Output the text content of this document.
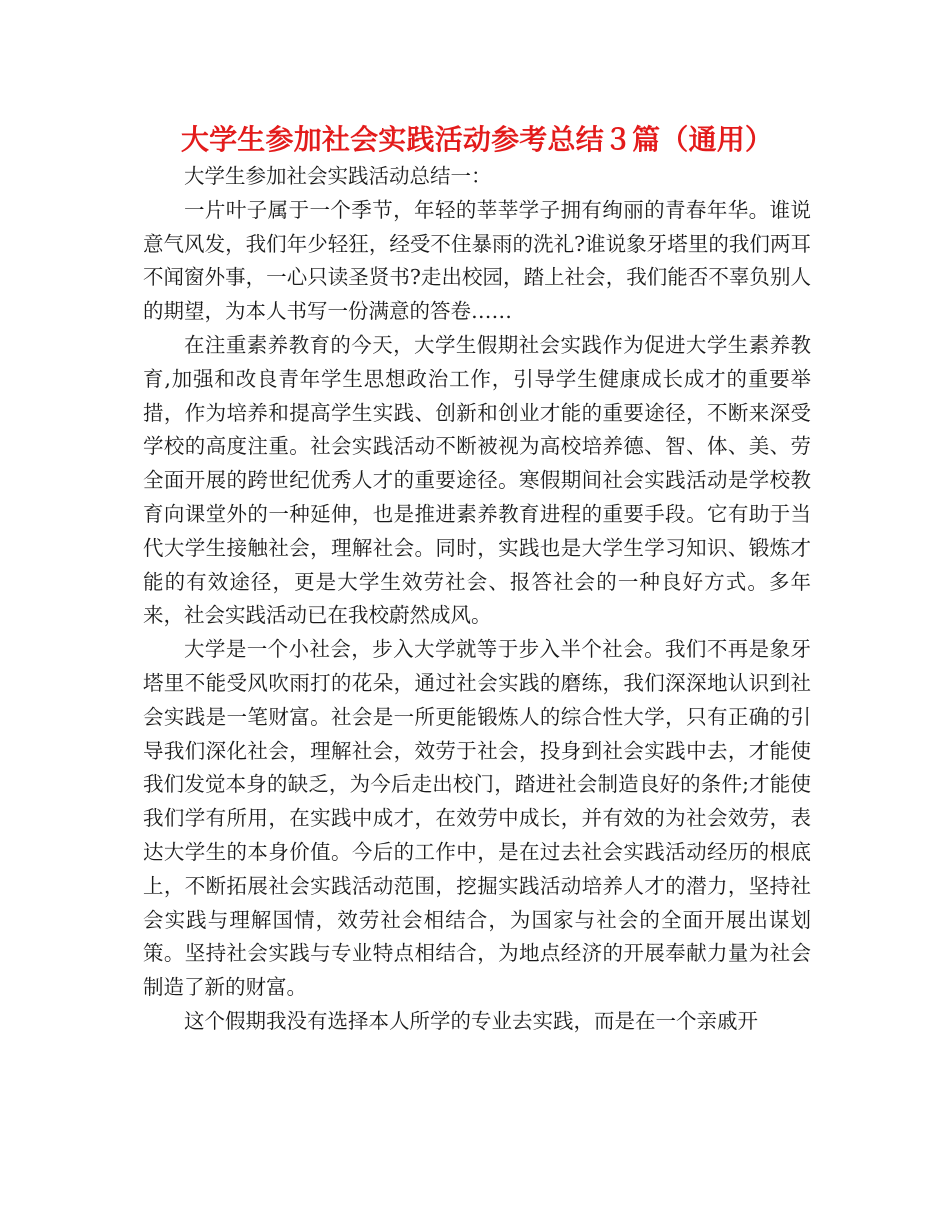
大学生参加社会实践活动参考总结３篇（通用）

大学生参加社会实践活动总结一：

一片叶子属于一个季节，年轻的莘莘学子拥有绚丽的青春年华。谁说意气风发，我们年少轻狂，经受不住暴雨的洗礼?谁说象牙塔里的我们两耳不闻窗外事，一心只读圣贤书?走出校园，踏上社会，我们能否不辜负别人的期望，为本人书写一份满意的答卷……

在注重素养教育的今天，大学生假期社会实践作为促进大学生素养教育,加强和改良青年学生思想政治工作，引导学生健康成长成才的重要举措，作为培养和提高学生实践、创新和创业才能的重要途径，不断来深受学校的高度注重。社会实践活动不断被视为高校培养德、智、体、美、劳全面开展的跨世纪优秀人才的重要途径。寒假期间社会实践活动是学校教育向课堂外的一种延伸，也是推进素养教育进程的重要手段。它有助于当代大学生接触社会，理解社会。同时，实践也是大学生学习知识、锻炼才能的有效途径，更是大学生效劳社会、报答社会的一种良好方式。多年来，社会实践活动已在我校蔚然成风。

大学是一个小社会，步入大学就等于步入半个社会。我们不再是象牙塔里不能受风吹雨打的花朵，通过社会实践的磨练，我们深深地认识到社会实践是一笔财富。社会是一所更能锻炼人的综合性大学，只有正确的引导我们深化社会，理解社会，效劳于社会，投身到社会实践中去，才能使我们发觉本身的缺乏，为今后走出校门，踏进社会制造良好的条件;才能使我们学有所用，在实践中成才，在效劳中成长，并有效的为社会效劳，表达大学生的本身价值。今后的工作中，是在过去社会实践活动经历的根底上，不断拓展社会实践活动范围，挖掘实践活动培养人才的潜力，坚持社会实践与理解国情，效劳社会相结合，为国家与社会的全面开展出谋划策。坚持社会实践与专业特点相结合，为地点经济的开展奉献力量为社会制造了新的财富。

这个假期我没有选择本人所学的专业去实践，而是在一个亲戚开
